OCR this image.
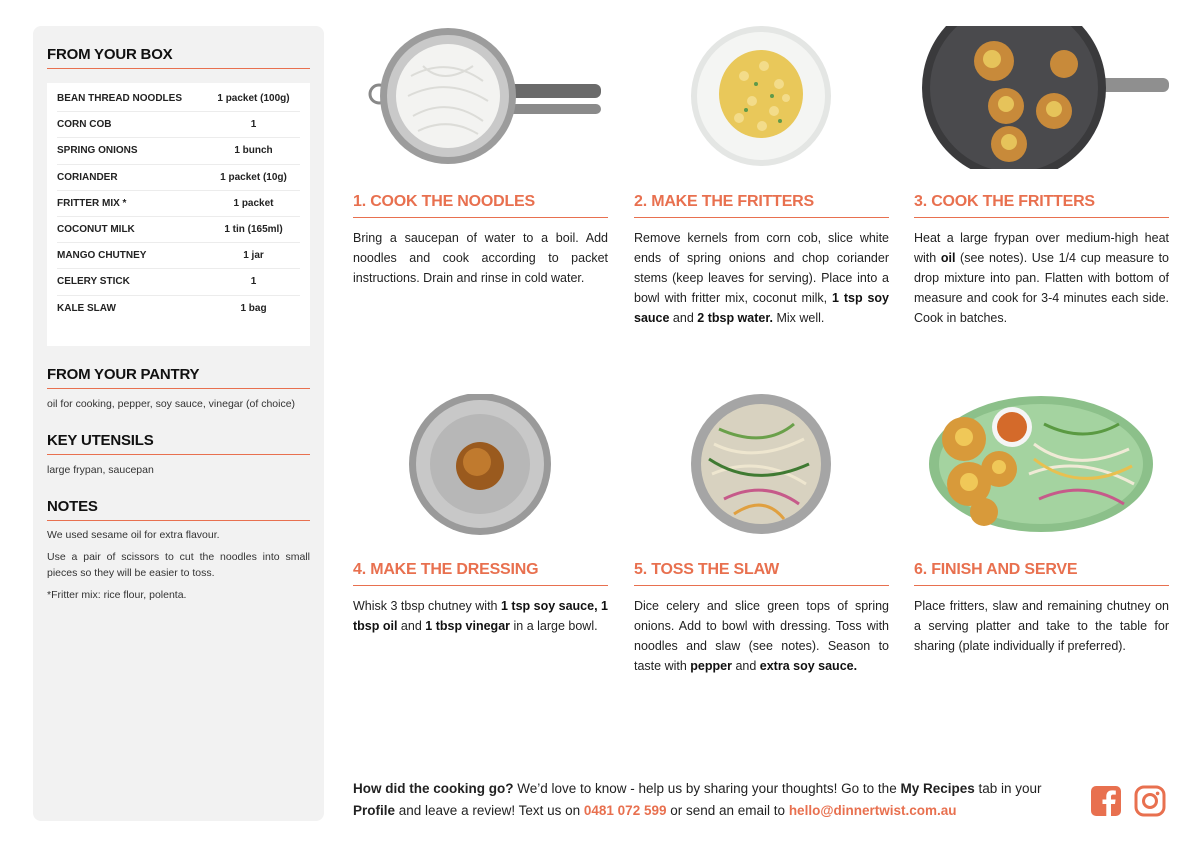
FROM YOUR BOX
BEAN THREAD NOODLES	1 packet (100g)
CORN COB	1
SPRING ONIONS	1 bunch
CORIANDER	1 packet (10g)
FRITTER MIX *	1 packet
COCONUT MILK	1 tin (165ml)
MANGO CHUTNEY	1 jar
CELERY STICK	1
KALE SLAW	1 bag
FROM YOUR PANTRY
oil for cooking, pepper, soy sauce, vinegar (of choice)
KEY UTENSILS
large frypan, saucepan
NOTES
We used sesame oil for extra flavour.
Use a pair of scissors to cut the noodles into small pieces so they will be easier to toss.
*Fritter mix: rice flour, polenta.
1. COOK THE NOODLES
Bring a saucepan of water to a boil. Add noodles and cook according to packet instructions. Drain and rinse in cold water.
2. MAKE THE FRITTERS
Remove kernels from corn cob, slice white ends of spring onions and chop coriander stems (keep leaves for serving). Place into a bowl with fritter mix, coconut milk, 1 tsp soy sauce and 2 tbsp water. Mix well.
3. COOK THE FRITTERS
Heat a large frypan over medium-high heat with oil (see notes). Use 1/4 cup measure to drop mixture into pan. Flatten with bottom of measure and cook for 3-4 minutes each side. Cook in batches.
4. MAKE THE DRESSING
Whisk 3 tbsp chutney with 1 tsp soy sauce, 1 tbsp oil and 1 tbsp vinegar in a large bowl.
5. TOSS THE SLAW
Dice celery and slice green tops of spring onions. Add to bowl with dressing. Toss with noodles and slaw (see notes). Season to taste with pepper and extra soy sauce.
6. FINISH AND SERVE
Place fritters, slaw and remaining chutney on a serving platter and take to the table for sharing (plate individually if preferred).
How did the cooking go? We’d love to know - help us by sharing your thoughts! Go to the My Recipes tab in your Profile and leave a review! Text us on 0481 072 599 or send an email to hello@dinnertwist.com.au
